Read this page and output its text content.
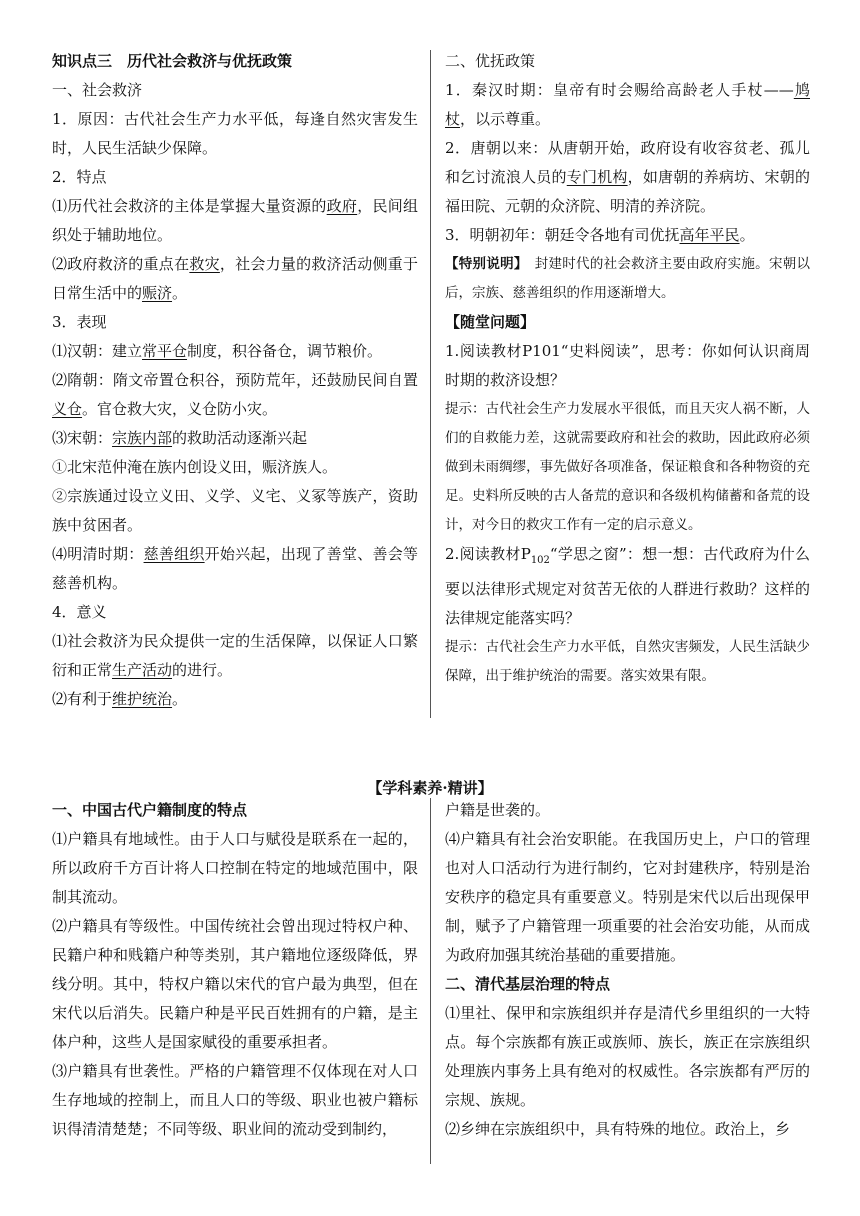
知识点三　历代社会救济与优抚政策

一、社会救济

1．原因：古代社会生产力水平低，每逢自然灾害发生时，人民生活缺少保障。

2．特点

⑴历代社会救济的主体是掌握大量资源的政府，民间组织处于辅助地位。

⑵政府救济的重点在救灾，社会力量的救济活动侧重于日常生活中的赈济。

3．表现

⑴汉朝：建立常平仓制度，积谷备仓，调节粮价。

⑵隋朝：隋文帝置仓积谷，预防荒年，还鼓励民间自置义仓。官仓救大灾，义仓防小灾。

⑶宋朝：宗族内部的救助活动逐渐兴起

①北宋范仲淹在族内创设义田，赈济族人。

②宗族通过设立义田、义学、义宅、义冢等族产，资助族中贫困者。

⑷明清时期：慈善组织开始兴起，出现了善堂、善会等慈善机构。

4．意义

⑴社会救济为民众提供一定的生活保障，以保证人口繁衍和正常生产活动的进行。

⑵有利于维护统治。

二、优抚政策

1．秦汉时期：皇帝有时会赐给高龄老人手杖——鸠杖，以示尊重。

2．唐朝以来：从唐朝开始，政府设有收容贫老、孤儿和乞讨流浪人员的专门机构，如唐朝的养病坊、宋朝的福田院、元朝的众济院、明清的养济院。

3．明朝初年：朝廷令各地有司优抚高年平民。

【特别说明】　封建时代的社会救济主要由政府实施。宋朝以后，宗族、慈善组织的作用逐渐增大。

【随堂问题】

1.阅读教材P101“史料阅读”，思考：你如何认识商周时期的救济设想？

提示：古代社会生产力发展水平很低，而且天灾人祸不断，人们的自救能力差，这就需要政府和社会的救助，因此政府必须做到未雨绸缪，事先做好各项准备，保证粮食和各种物资的充足。史料所反映的古人备荒的意识和各级机构储蓄和备荒的设计，对今日的救灾工作有一定的启示意义。

2.阅读教材$P_{102}“$学思之窗”：想一想：古代政府为什么要以法律形式规定对贫苦无依的人群进行救助？这样的法律规定能落实吗？

提示：古代社会生产力水平低，自然灾害频发，人民生活缺少保障，出于维护统治的需要。落实效果有限。

【学科素养·精讲】

一、中国古代户籍制度的特点

⑴户籍具有地域性。由于人口与赋役是联系在一起的，所以政府千方百计将人口控制在特定的地域范围中，限制其流动。

⑵户籍具有等级性。中国传统社会曾出现过特权户种、民籍户种和贱籍户种等类别，其户籍地位逐级降低，界线分明。其中，特权户籍以宋代的官户最为典型，但在宋代以后消失。民籍户种是平民百姓拥有的户籍，是主体户种，这些人是国家赋役的重要承担者。

⑶户籍具有世袭性。严格的户籍管理不仅体现在对人口生存地域的控制上，而且人口的等级、职业也被户籍标识得清清楚楚；不同等级、职业间的流动受到制约，

户籍是世袭的。

⑷户籍具有社会治安职能。在我国历史上，户口的管理也对人口活动行为进行制约，它对封建秩序，特别是治安秩序的稳定具有重要意义。特别是宋代以后出现保甲制，赋予了户籍管理一项重要的社会治安功能，从而成为政府加强其统治基础的重要措施。

二、清代基层治理的特点

⑴里社、保甲和宗族组织并存是清代乡里组织的一大特点。每个宗族都有族正或族师、族长，族正在宗族组织处理族内事务上具有绝对的权威性。各宗族都有严厉的宗规、族规。

⑵乡绅在宗族组织中，具有特殊的地位。政治上，乡
